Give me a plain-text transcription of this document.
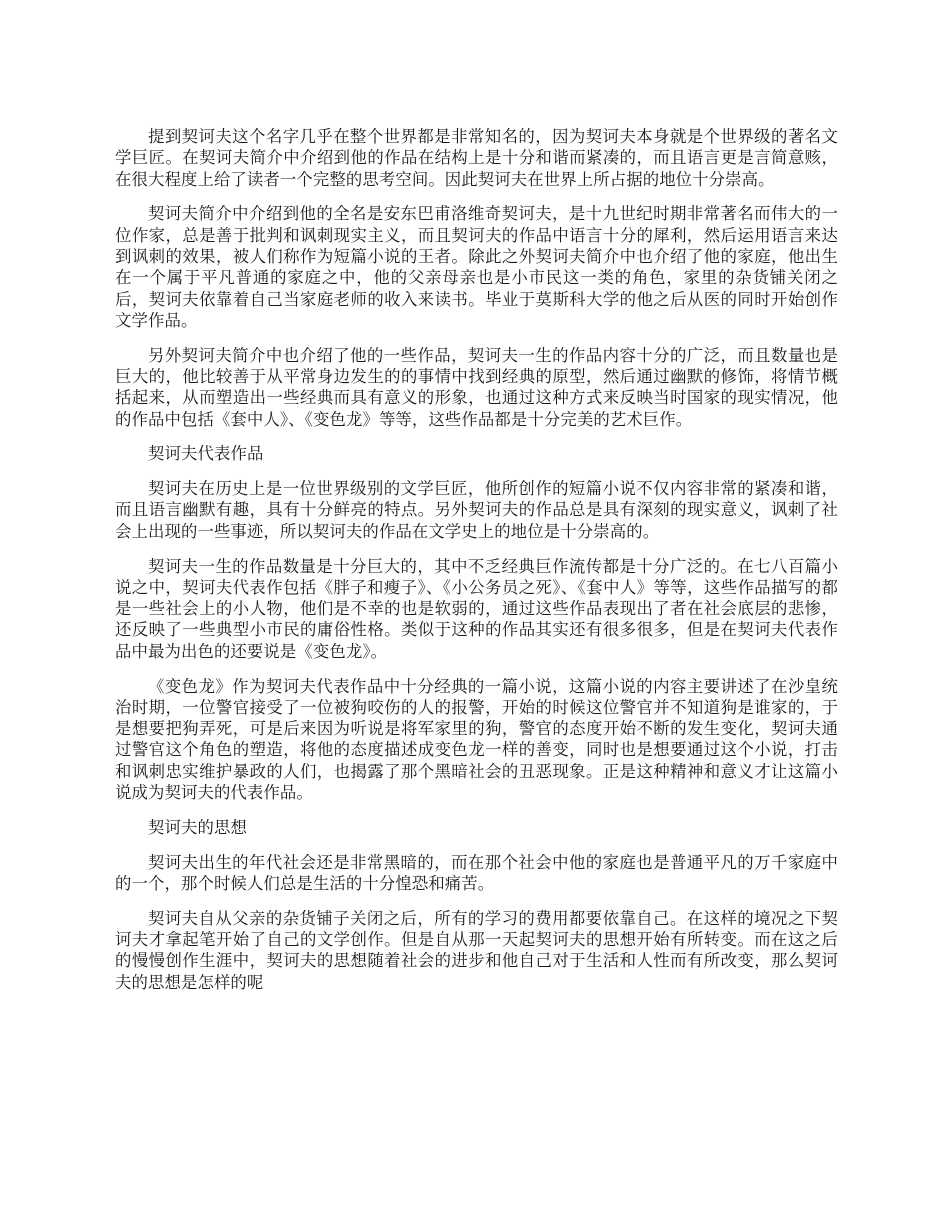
提到契诃夫这个名字几乎在整个世界都是非常知名的，因为契诃夫本身就是个世界级的著名文学巨匠。在契诃夫简介中介绍到他的作品在结构上是十分和谐而紧凑的，而且语言更是言简意赅，在很大程度上给了读者一个完整的思考空间。因此契诃夫在世界上所占据的地位十分崇高。

契诃夫简介中介绍到他的全名是安东巴甫洛维奇契诃夫，是十九世纪时期非常著名而伟大的一位作家，总是善于批判和讽刺现实主义，而且契诃夫的作品中语言十分的犀利，然后运用语言来达到讽刺的效果，被人们称作为短篇小说的王者。除此之外契诃夫简介中也介绍了他的家庭，他出生在一个属于平凡普通的家庭之中，他的父亲母亲也是小市民这一类的角色，家里的杂货铺关闭之后，契诃夫依靠着自己当家庭老师的收入来读书。毕业于莫斯科大学的他之后从医的同时开始创作文学作品。

另外契诃夫简介中也介绍了他的一些作品，契诃夫一生的作品内容十分的广泛，而且数量也是巨大的，他比较善于从平常身边发生的的事情中找到经典的原型，然后通过幽默的修饰，将情节概括起来，从而塑造出一些经典而具有意义的形象，也通过这种方式来反映当时国家的现实情况，他的作品中包括《套中人》、《变色龙》等等，这些作品都是十分完美的艺术巨作。

契诃夫代表作品

契诃夫在历史上是一位世界级别的文学巨匠，他所创作的短篇小说不仅内容非常的紧凑和谐，而且语言幽默有趣，具有十分鲜亮的特点。另外契诃夫的作品总是具有深刻的现实意义，讽刺了社会上出现的一些事迹，所以契诃夫的作品在文学史上的地位是十分崇高的。

契诃夫一生的作品数量是十分巨大的，其中不乏经典巨作流传都是十分广泛的。在七八百篇小说之中，契诃夫代表作包括《胖子和瘦子》、《小公务员之死》、《套中人》等等，这些作品描写的都是一些社会上的小人物，他们是不幸的也是软弱的，通过这些作品表现出了者在社会底层的悲惨，还反映了一些典型小市民的庸俗性格。类似于这种的作品其实还有很多很多，但是在契诃夫代表作品中最为出色的还要说是《变色龙》。

《变色龙》作为契诃夫代表作品中十分经典的一篇小说，这篇小说的内容主要讲述了在沙皇统治时期，一位警官接受了一位被狗咬伤的人的报警，开始的时候这位警官并不知道狗是谁家的，于是想要把狗弄死，可是后来因为听说是将军家里的狗，警官的态度开始不断的发生变化，契诃夫通过警官这个角色的塑造，将他的态度描述成变色龙一样的善变，同时也是想要通过这个小说，打击和讽刺忠实维护暴政的人们，也揭露了那个黑暗社会的丑恶现象。正是这种精神和意义才让这篇小说成为契诃夫的代表作品。

契诃夫的思想

契诃夫出生的年代社会还是非常黑暗的，而在那个社会中他的家庭也是普通平凡的万千家庭中的一个，那个时候人们总是生活的十分惶恐和痛苦。

契诃夫自从父亲的杂货铺子关闭之后，所有的学习的费用都要依靠自己。在这样的境况之下契诃夫才拿起笔开始了自己的文学创作。但是自从那一天起契诃夫的思想开始有所转变。而在这之后的慢慢创作生涯中，契诃夫的思想随着社会的进步和他自己对于生活和人性而有所改变，那么契诃夫的思想是怎样的呢
